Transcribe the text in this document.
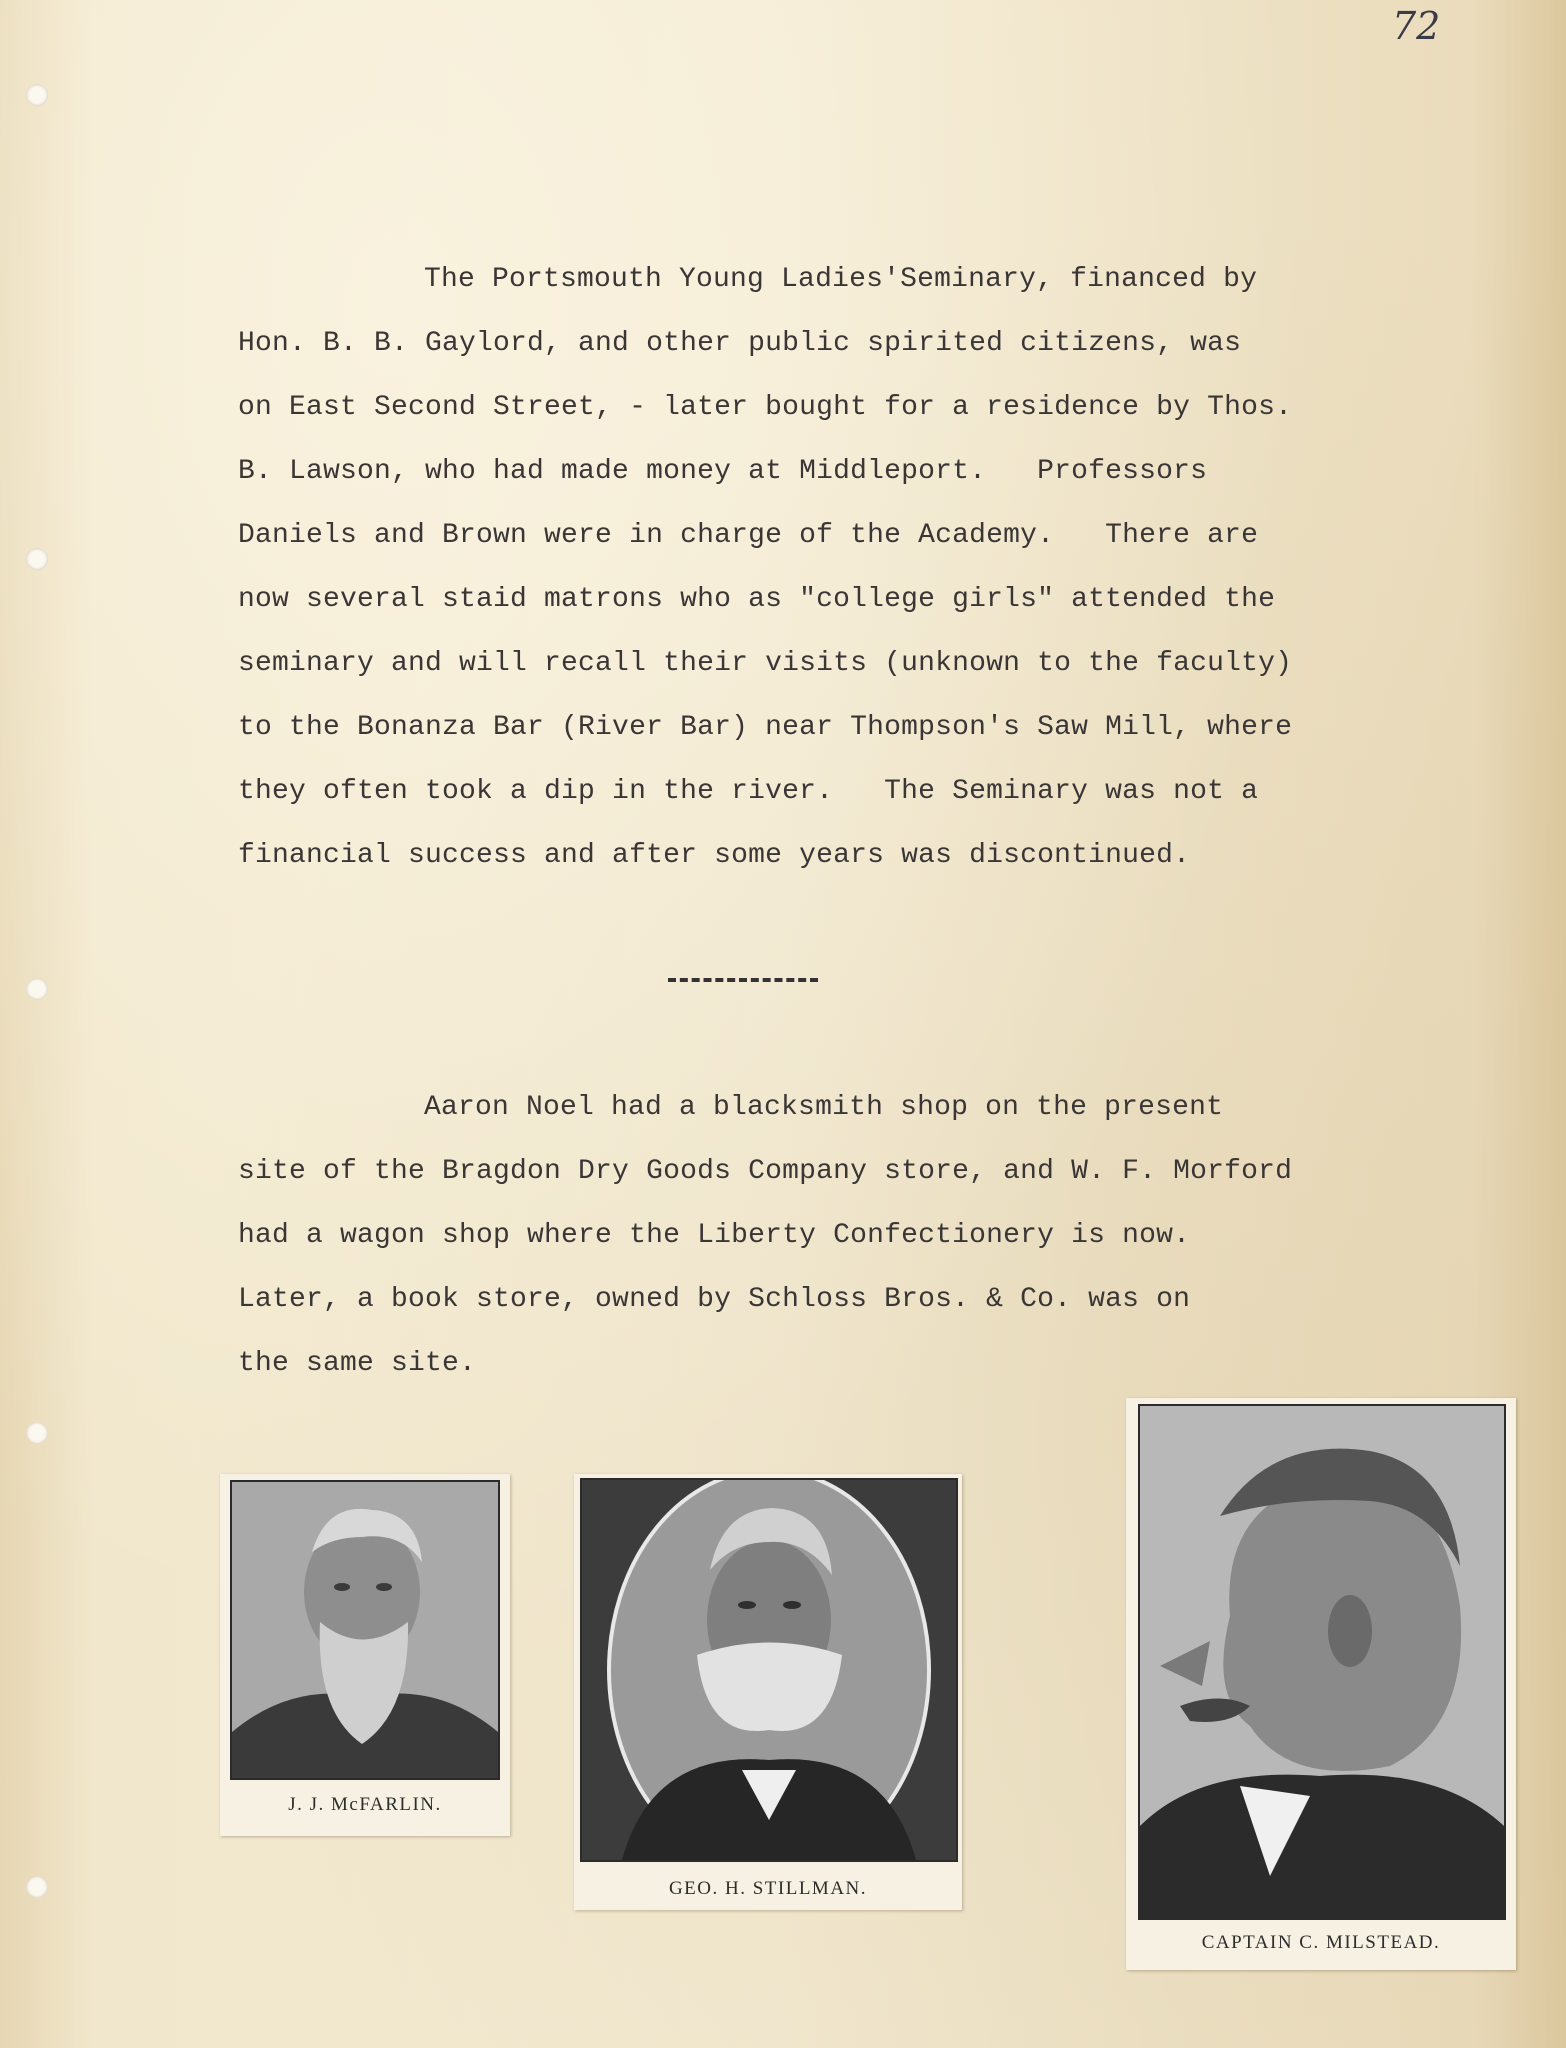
72
The Portsmouth Young Ladies'Seminary, financed by
Hon. B. B. Gaylord, and other public spirited citizens, was
on East Second Street, - later bought for a residence by Thos.
B. Lawson, who had made money at Middleport.   Professors
Daniels and Brown were in charge of the Academy.   There are
now several staid matrons who as "college girls" attended the
seminary and will recall their visits (unknown to the faculty)
to the Bonanza Bar (River Bar) near Thompson's Saw Mill, where
they often took a dip in the river.   The Seminary was not a
financial success and after some years was discontinued.
Aaron Noel had a blacksmith shop on the present
site of the Bragdon Dry Goods Company store, and W. F. Morford
had a wagon shop where the Liberty Confectionery is now.
Later, a book store, owned by Schloss Bros. & Co. was on
the same site.
J. J. McFARLIN.
GEO. H. STILLMAN.
CAPTAIN C. MILSTEAD.
